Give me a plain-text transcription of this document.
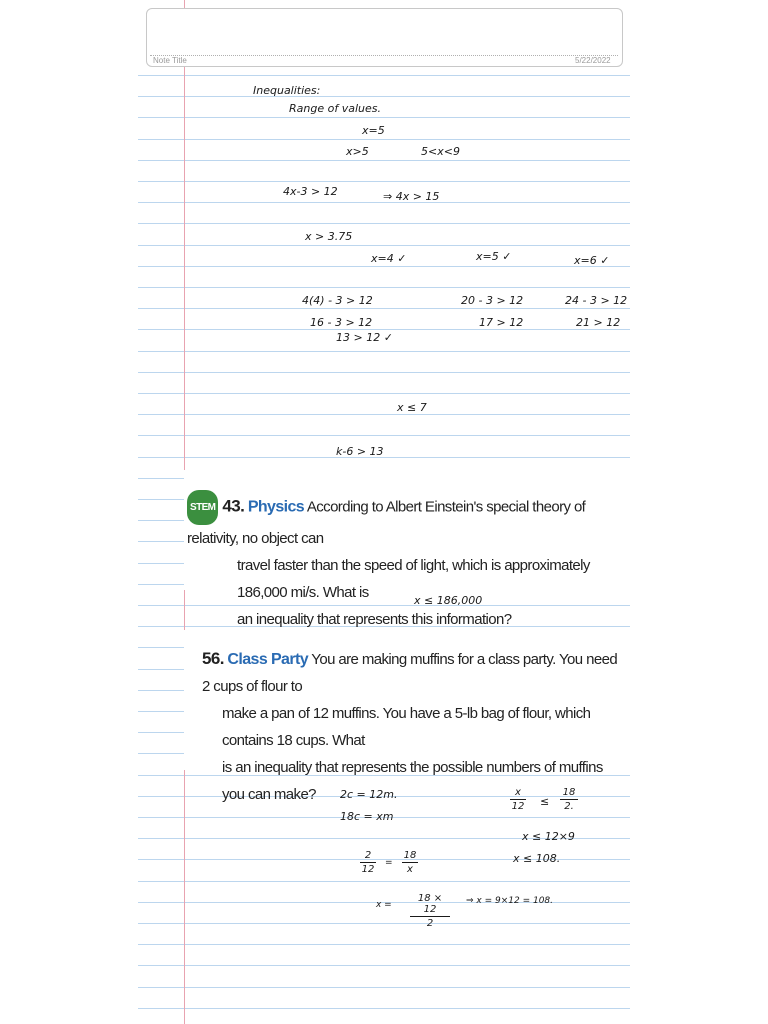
Note Title	5/22/2022
Inequalities:
Range of values.
x=5
x>5	5<x<9
4x-3 > 12	⇒ 4x > 15
x > 3.75
x=4 ✓	x=5 ✓	x=6 ✓
4(4) - 3 > 12
16 - 3 > 12
13 > 12 ✓
20 - 3 > 12
17 > 12
24 - 3 > 12
21 > 12
x ≤ 7
k-6 > 13
STEM 43. Physics According to Albert Einstein's special theory of relativity, no object can
travel faster than the speed of light, which is approximately 186,000 mi/s. What is
an inequality that represents this information?
x ≤ 186,000
56. Class Party You are making muffins for a class party. You need 2 cups of flour to
make a pan of 12 muffins. You have a 5-lb bag of flour, which contains 18 cups. What
is an inequality that represents the possible numbers of muffins you can make?	2c = 12m.
18c = xm
x
12 ≤
18
2.
x ≤ 12×9
x ≤ 108.
2
12
=
18
x
x =
18 × 12
2
⇒ x = 9×12 = 108.
